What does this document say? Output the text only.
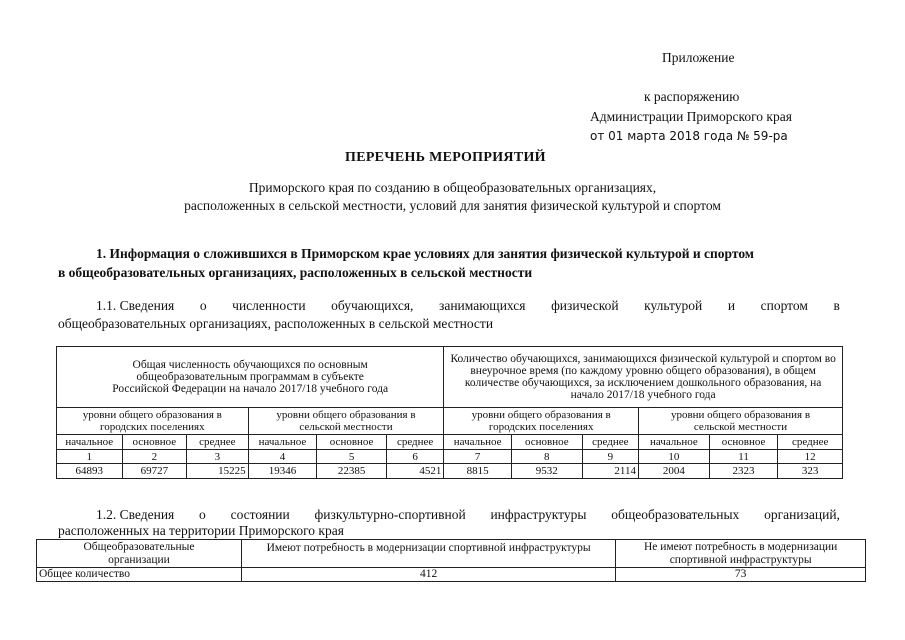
Приложение
к распоряжению
Администрации Приморского края
от 01 марта 2018 года № 59-ра
ПЕРЕЧЕНЬ МЕРОПРИЯТИЙ
Приморского края по созданию в общеобразовательных организациях,
расположенных в сельской местности, условий для занятия физической культурой и спортом
1. Информация о сложившихся в Приморском крае условиях для занятия физической культурой и спортом
в общеобразовательных организациях, расположенных в сельской местности
1.1. Сведения о численности обучающихся, занимающихся физической культурой и спортом в
общеобразовательных организациях, расположенных в сельской местности
Общая численность обучающихся по основным общеобразовательным программам в субъекте Российской Федерации на начало 2017/18 учебного года						Количество обучающихся, занимающихся физической культурой и спортом во внеурочное время (по каждому уровню общего образования), в общем количестве обучающихся, за исключением дошкольного образования, на начало 2017/18 учебного года					
уровни общего образования в городских поселениях			уровни общего образования в сельской местности			уровни общего образования в городских поселениях			уровни общего образования в сельской местности		
начальное	основное	среднее	начальное	основное	среднее	начальное	основное	среднее	начальное	основное	среднее
1	2	3	4	5	6	7	8	9	10	11	12
64893	69727	15225	19346	22385	4521	8815	9532	2114	2004	2323	323
1.2. Сведения о состоянии физкультурно-спортивной инфраструктуры общеобразовательных организаций,
расположенных на территории Приморского края
Общеобразовательные организации	Имеют потребность в модернизации спортивной инфраструктуры	Не имеют потребность в модернизации спортивной инфраструктуры
Общее количество	412	73
